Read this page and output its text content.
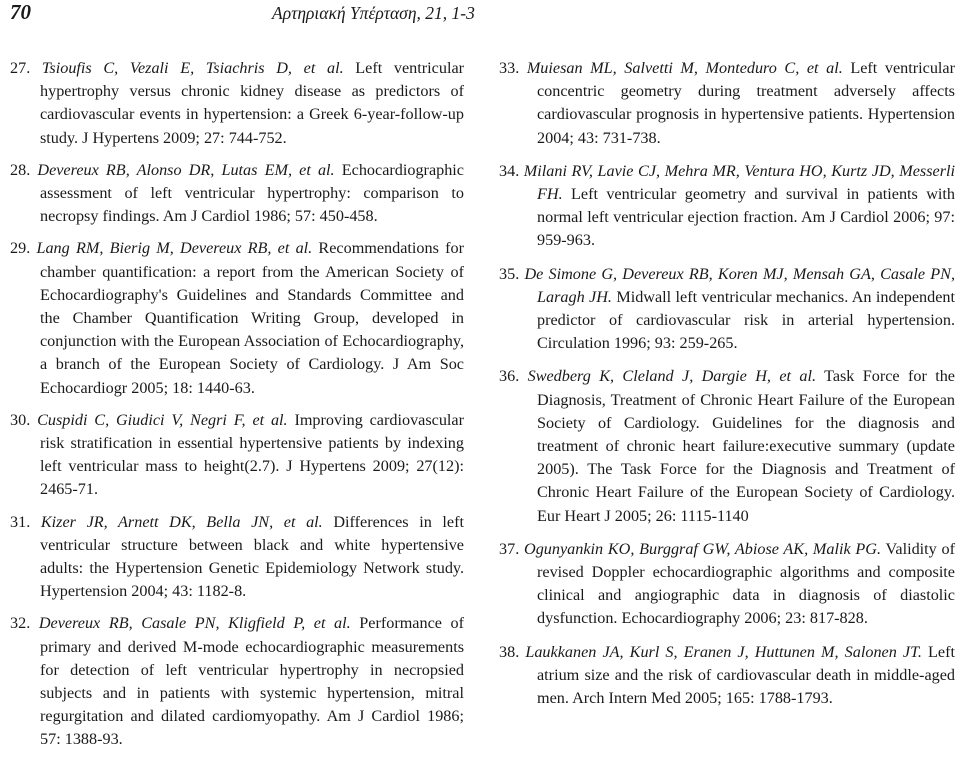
70	Αρτηριακή Υπέρταση, 21, 1-3

27. Tsioufis C, Vezali E, Tsiachris D, et al. Left ventricular hypertrophy versus chronic kidney disease as predictors of cardiovascular events in hypertension: a Greek 6-year-follow-up study. J Hypertens 2009; 27: 744-752.

28. Devereux RB, Alonso DR, Lutas EM, et al. Echocardiographic assessment of left ventricular hypertrophy: comparison to necropsy findings. Am J Cardiol 1986; 57: 450-458.

29. Lang RM, Bierig M, Devereux RB, et al. Recommendations for chamber quantification: a report from the American Society of Echocardiography's Guidelines and Standards Committee and the Chamber Quantification Writing Group, developed in conjunction with the European Association of Echocardiography, a branch of the European Society of Cardiology. J Am Soc Echocardiogr 2005; 18: 1440-63.

30. Cuspidi C, Giudici V, Negri F, et al. Improving cardiovascular risk stratification in essential hypertensive patients by indexing left ventricular mass to height(2.7). J Hypertens 2009; 27(12): 2465-71.

31. Kizer JR, Arnett DK, Bella JN, et al. Differences in left ventricular structure between black and white hypertensive adults: the Hypertension Genetic Epidemiology Network study. Hypertension 2004; 43: 1182-8.

32. Devereux RB, Casale PN, Kligfield P, et al. Performance of primary and derived M-mode echocardiographic measurements for detection of left ventricular hypertrophy in necropsied subjects and in patients with systemic hypertension, mitral regurgitation and dilated cardiomyopathy. Am J Cardiol 1986; 57: 1388-93.

33. Muiesan ML, Salvetti M, Monteduro C, et al. Left ventricular concentric geometry during treatment adversely affects cardiovascular prognosis in hypertensive patients. Hypertension 2004; 43: 731-738.

34. Milani RV, Lavie CJ, Mehra MR, Ventura HO, Kurtz JD, Messerli FH. Left ventricular geometry and survival in patients with normal left ventricular ejection fraction. Am J Cardiol 2006; 97: 959-963.

35. De Simone G, Devereux RB, Koren MJ, Mensah GA, Casale PN, Laragh JH. Midwall left ventricular mechanics. An independent predictor of cardiovascular risk in arterial hypertension. Circulation 1996; 93: 259-265.

36. Swedberg K, Cleland J, Dargie H, et al. Task Force for the Diagnosis, Treatment of Chronic Heart Failure of the European Society of Cardiology. Guidelines for the diagnosis and treatment of chronic heart failure:executive summary (update 2005). The Task Force for the Diagnosis and Treatment of Chronic Heart Failure of the European Society of Cardiology. Eur Heart J 2005; 26: 1115-1140

37. Ogunyankin KO, Burggraf GW, Abiose AK, Malik PG. Validity of revised Doppler echocardiographic algorithms and composite clinical and angiographic data in diagnosis of diastolic dysfunction. Echocardiography 2006; 23: 817-828.

38. Laukkanen JA, Kurl S, Eranen J, Huttunen M, Salonen JT. Left atrium size and the risk of cardiovascular death in middle-aged men. Arch Intern Med 2005; 165: 1788-1793.
